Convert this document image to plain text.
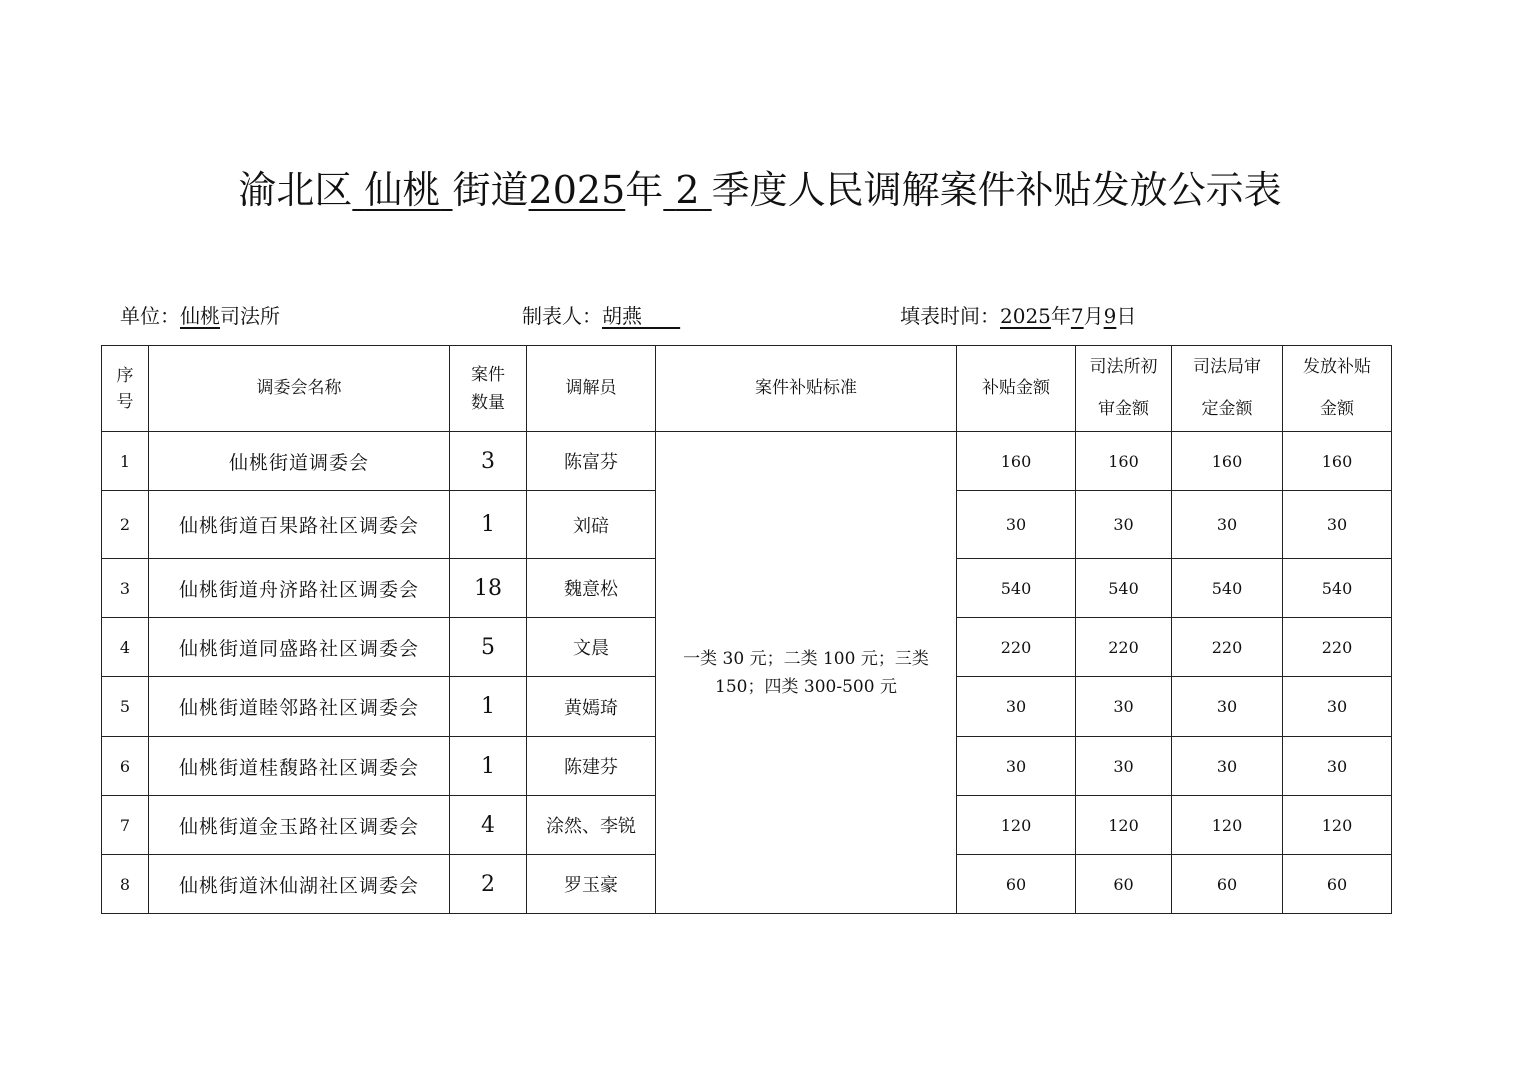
渝北区 仙桃 街道2025年 2 季度人民调解案件补贴发放公示表
单位：仙桃司法所	制表人：胡燕	填表时间：2025年7月9日
序号	调委会名称	案件数量	调解员	案件补贴标准	补贴金额	司法所初审金额	司法局审定金额	发放补贴金额
1	仙桃街道调委会	3	陈富芬	一类 30 元；二类 100 元；三类 150；四类 300-500 元	160	160	160	160
2	仙桃街道百果路社区调委会	1	刘碚		30	30	30	30
3	仙桃街道舟济路社区调委会	18	魏意松		540	540	540	540
4	仙桃街道同盛路社区调委会	5	文晨		220	220	220	220
5	仙桃街道睦邻路社区调委会	1	黄嫣琦		30	30	30	30
6	仙桃街道桂馥路社区调委会	1	陈建芬		30	30	30	30
7	仙桃街道金玉路社区调委会	4	涂然、李锐		120	120	120	120
8	仙桃街道沐仙湖社区调委会	2	罗玉豪		60	60	60	60
